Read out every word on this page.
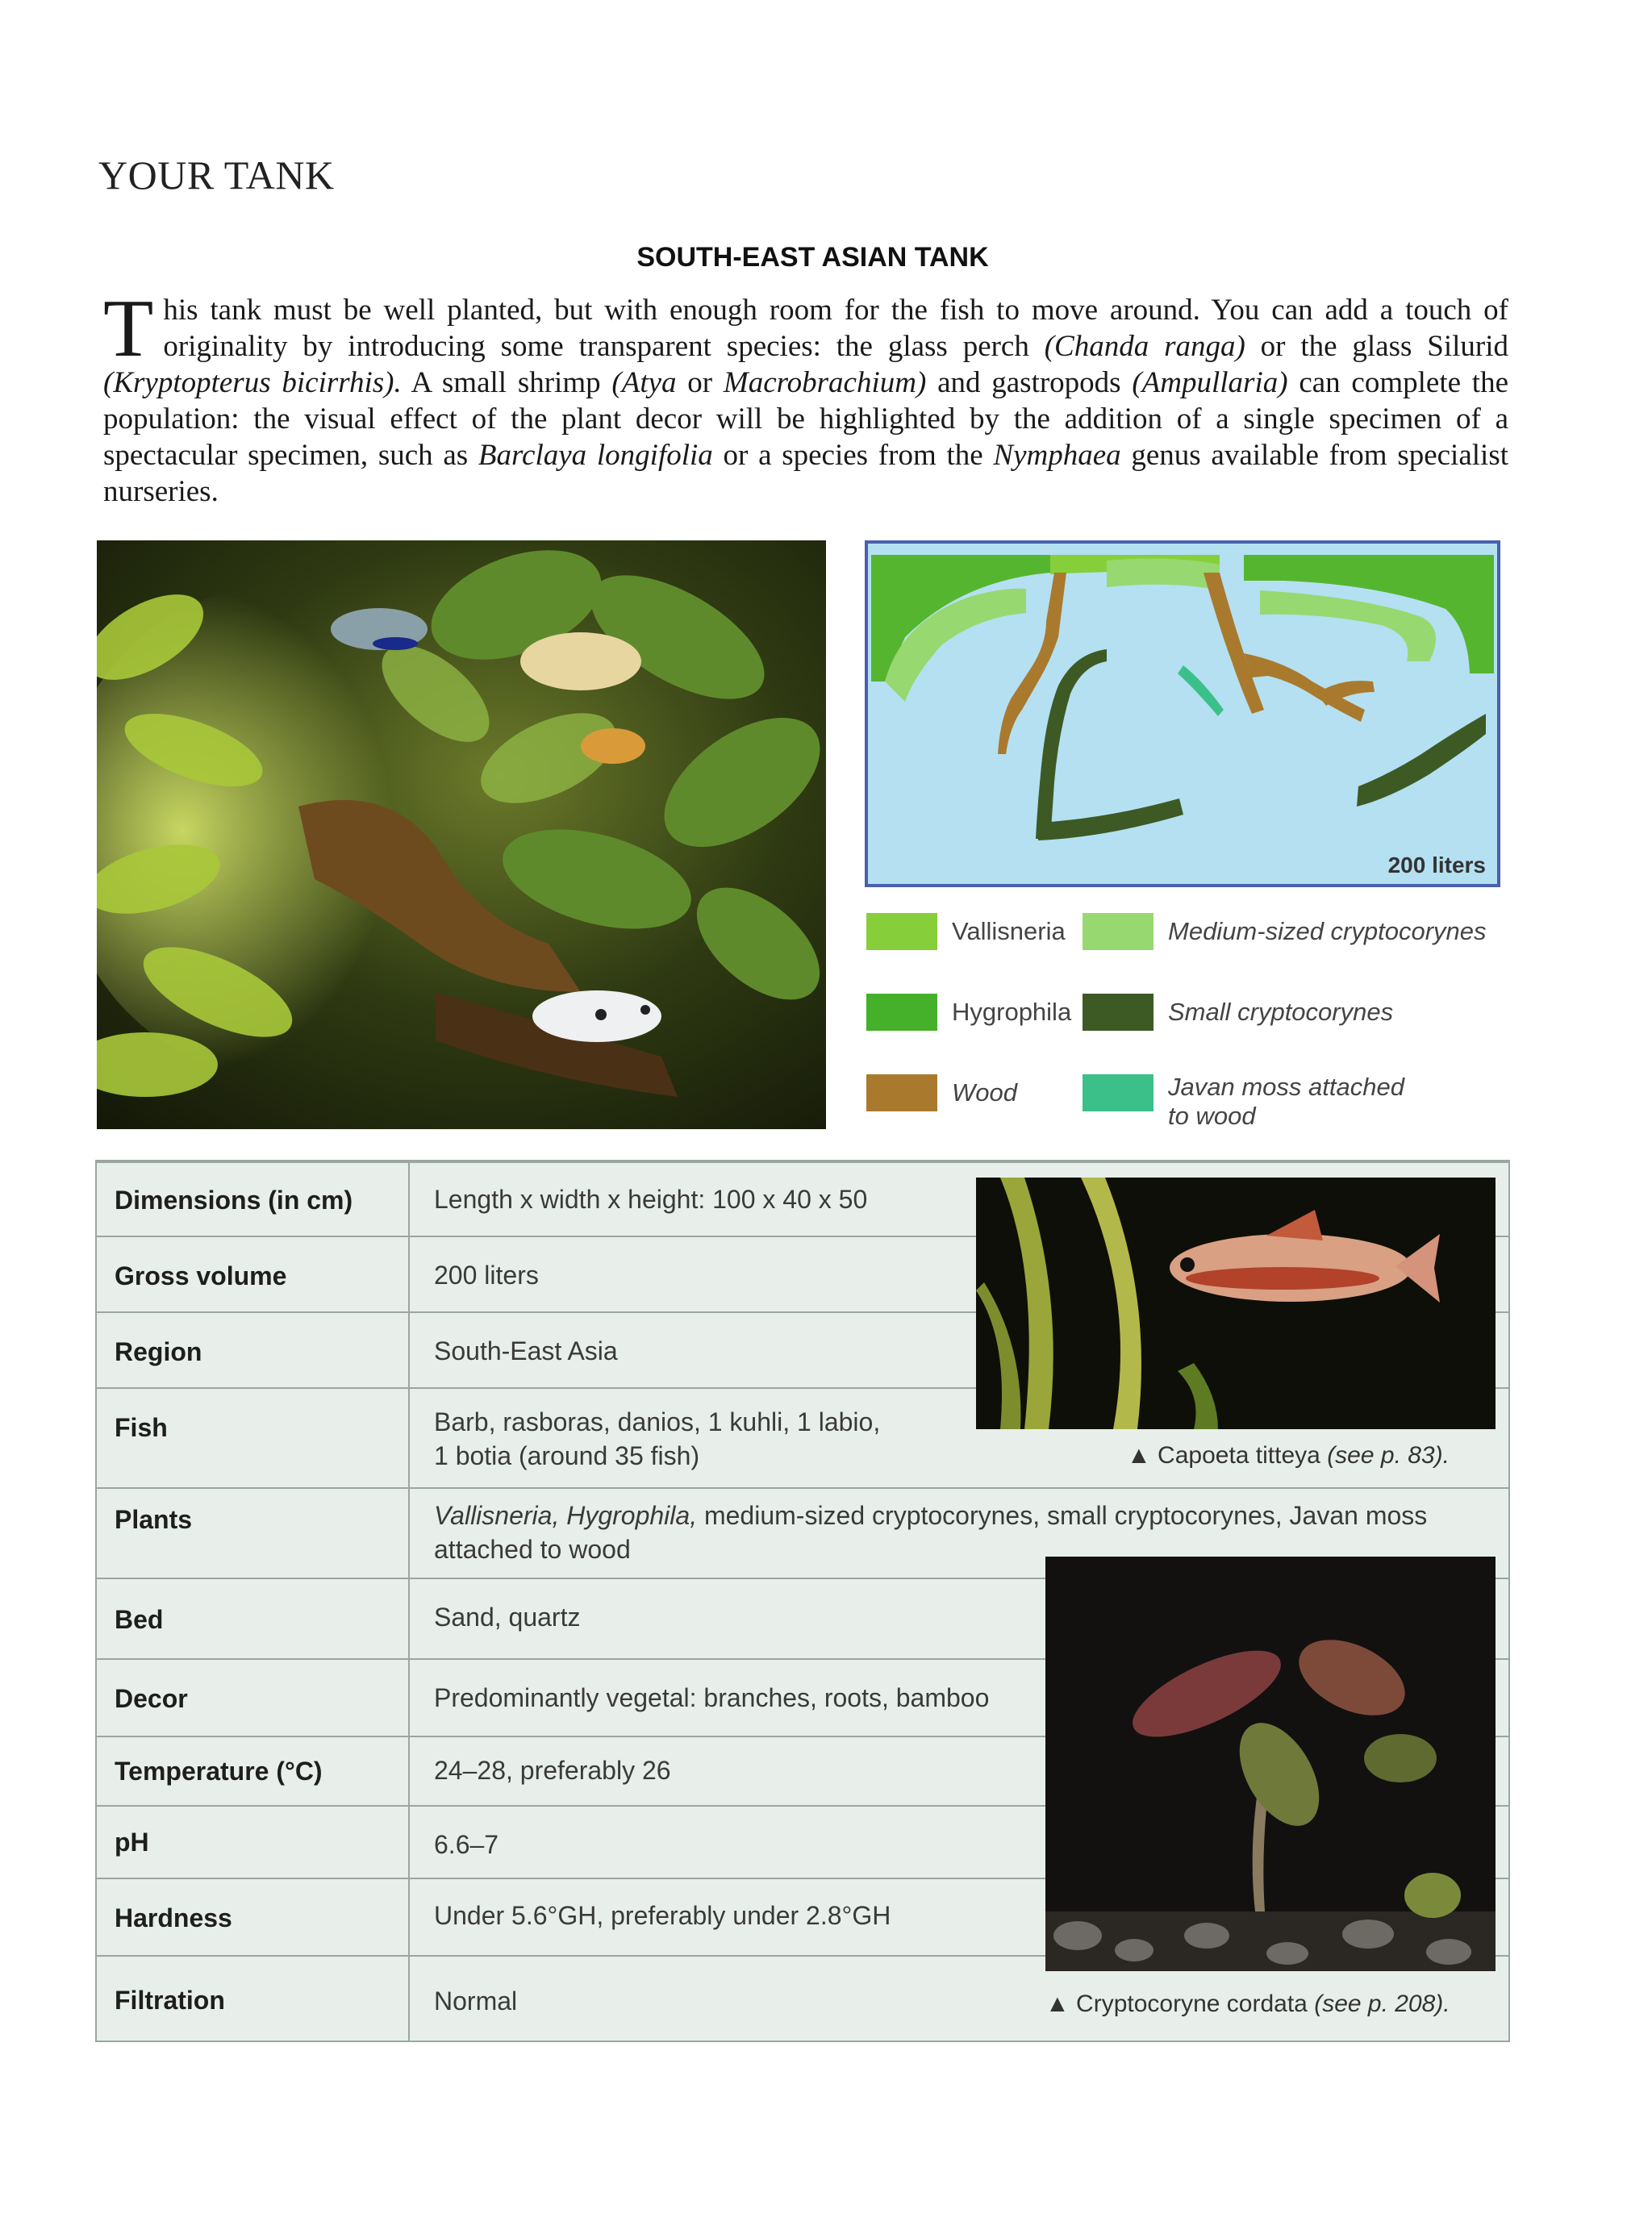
YOUR TANK
SOUTH-EAST ASIAN TANK

This tank must be well planted, but with enough room for the fish to move around. You can add a touch of originality by introducing some transparent species: the glass perch (Chanda ranga) or the glass Silurid (Kryptopterus bicirrhis). A small shrimp (Atya or Macrobrachium) and gastropods (Ampullaria) can complete the population: the visual effect of the plant decor will be highlighted by the addition of a single specimen of a spectacular specimen, such as Barclaya longifolia or a species from the Nymphaea genus available from specialist nurseries.

200 liters
Vallisneria	Medium-sized cryptocorynes
Hygrophila	Small cryptocorynes
Wood	Javan moss attached
to wood
Dimensions (in cm)	Length x width x height: 100 x 40 x 50
Gross volume	200 liters
Region	South-East Asia
Fish	Barb, rasboras, danios, 1 kuhli, 1 labio,
1 botia (around 35 fish)
Plants	Vallisneria, Hygrophila, medium-sized cryptocorynes, small cryptocorynes, Javan moss
attached to wood
Bed	Sand, quartz
Decor	Predominantly vegetal: branches, roots, bamboo
Temperature (°C)	24–28, preferably 26
pH	6.6–7
Hardness	Under 5.6°GH, preferably under 2.8°GH
Filtration	Normal
▲ Capoeta titteya (see p. 83).
▲ Cryptocoryne cordata (see p. 208).
